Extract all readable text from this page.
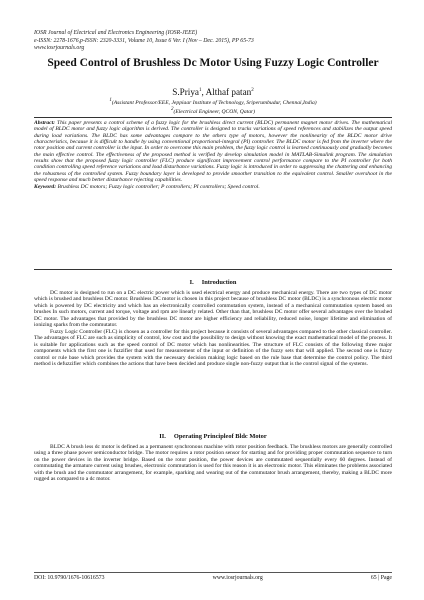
IOSR Journal of Electrical and Electronics Engineering (IOSR-JEEE)
e-ISSN: 2278-1676,p-ISSN: 2320-3331, Volume 10, Issue 6 Ver. I (Nov – Dec. 2015), PP 65-73
www.iosrjournals.org
Speed Control of Brushless Dc Motor Using Fuzzy Logic Controller
S.Priya$^1$, Althaf patan$^2$
$^1$(Assistant Professor/EEE, Jeppiaar Institute of Technology, Sriperumbudur, Chennai,India)
$^2$(Electrical Engineer, QCON, Qatar)

Abstract: This paper presents a control scheme of a fuzzy logic for the brushless direct current (BLDC) permanent magnet motor drives. The mathematical model of BLDC motor and fuzzy logic algorithm is derived. The controller is designed to tracks variations of speed references and stabilizes the output speed during load variations. The BLDC has some advantages compare to the others type of motors, however the nonlinearity of the BLDC motor drive characteristics, because it is difficult to handle by using conventional proportional-integral (PI) controller. The BLDC motor is fed from the inverter where the rotor position and current controller is the input. In order to overcome this main problem, the fuzzy logic control is learned continuously and gradually becomes the main effective control. The effectiveness of the proposed method is verified by develop simulation model in MATLAB-Simulink program. The simulation results show that the proposed fuzzy logic controller (FLC) produce significant improvement control performance compare to the PI controller for both condition controlling speed reference variations and load disturbance variations. Fuzzy logic is introduced in order to suppressing the chattering and enhancing the robustness of the controlled system. Fuzzy boundary layer is developed to provide smoother transition to the equivalent control. Smaller overshoot in the speed response and much better disturbance rejecting capabilities.

Keyword: Brushless DC motors; Fuzzy logic controller; P controllers; PI controllers; Speed control.

I. Introduction

DC motor is designed to run on a DC electric power which is used electrical energy and produce mechanical energy. There are two types of DC motor which is brushed and brushless DC motor. Brushless DC motor is chosen in this project because of brushless DC motor (BLDC) is a synchronous electric motor which is powered by DC electricity and which has an electronically controlled commutation system, instead of a mechanical commutation system based on brushes In such motors, current and torque, voltage and rpm are linearly related. Other than that, brushless DC motor offer several advantages over the brushed DC motor. The advantages that provided by the brushless DC motor are higher efficiency and reliability, reduced noise, longer lifetime and elimination of ionizing sparks from the commutator.

Fuzzy Logic Controller (FLC) is chosen as a controller for this project because it consists of several advantages compared to the other classical controller. The advantages of FLC are such as simplicity of control, low cost and the possibility to design without knowing the exact mathematical model of the process. It is suitable for applications such as the speed control of DC motor which has nonlinearities. The structure of FLC consists of the following three major components which the first one is fuzzifier that used for measurement of the input or definition of the fuzzy sets that will applied. The second one is fuzzy control or rule base which provides the system with the necessary decision making logic based on the rule base that determine the control policy. The third method is defuzzifier which combines the actions that have been decided and produce single non-fuzzy output that is the control signal of the systems.

II. Operating Principleof Bldc Motor

BLDC A brush less dc motor is defined as a permanent synchronous machine with rotor position feedback. The brushless motors are generally controlled using a three phase power semiconductor bridge. The motor requires a rotor position sensor for starting and for providing proper commutation sequence to turn on the power devices in the inverter bridge. Based on the rotor position, the power devices are commutated sequentially every 60 degrees. Instead of commutating the armature current using brushes, electronic commutation is used for this reason it is an electronic motor. This eliminates the problems associated with the brush and the commutator arrangement, for example, sparking and wearing out of the commutator brush arrangement, thereby, making a BLDC more rugged as compared to a dc motor.

DOI: 10.9790/1676-10616573	www.iosrjournals.org	65 | Page
